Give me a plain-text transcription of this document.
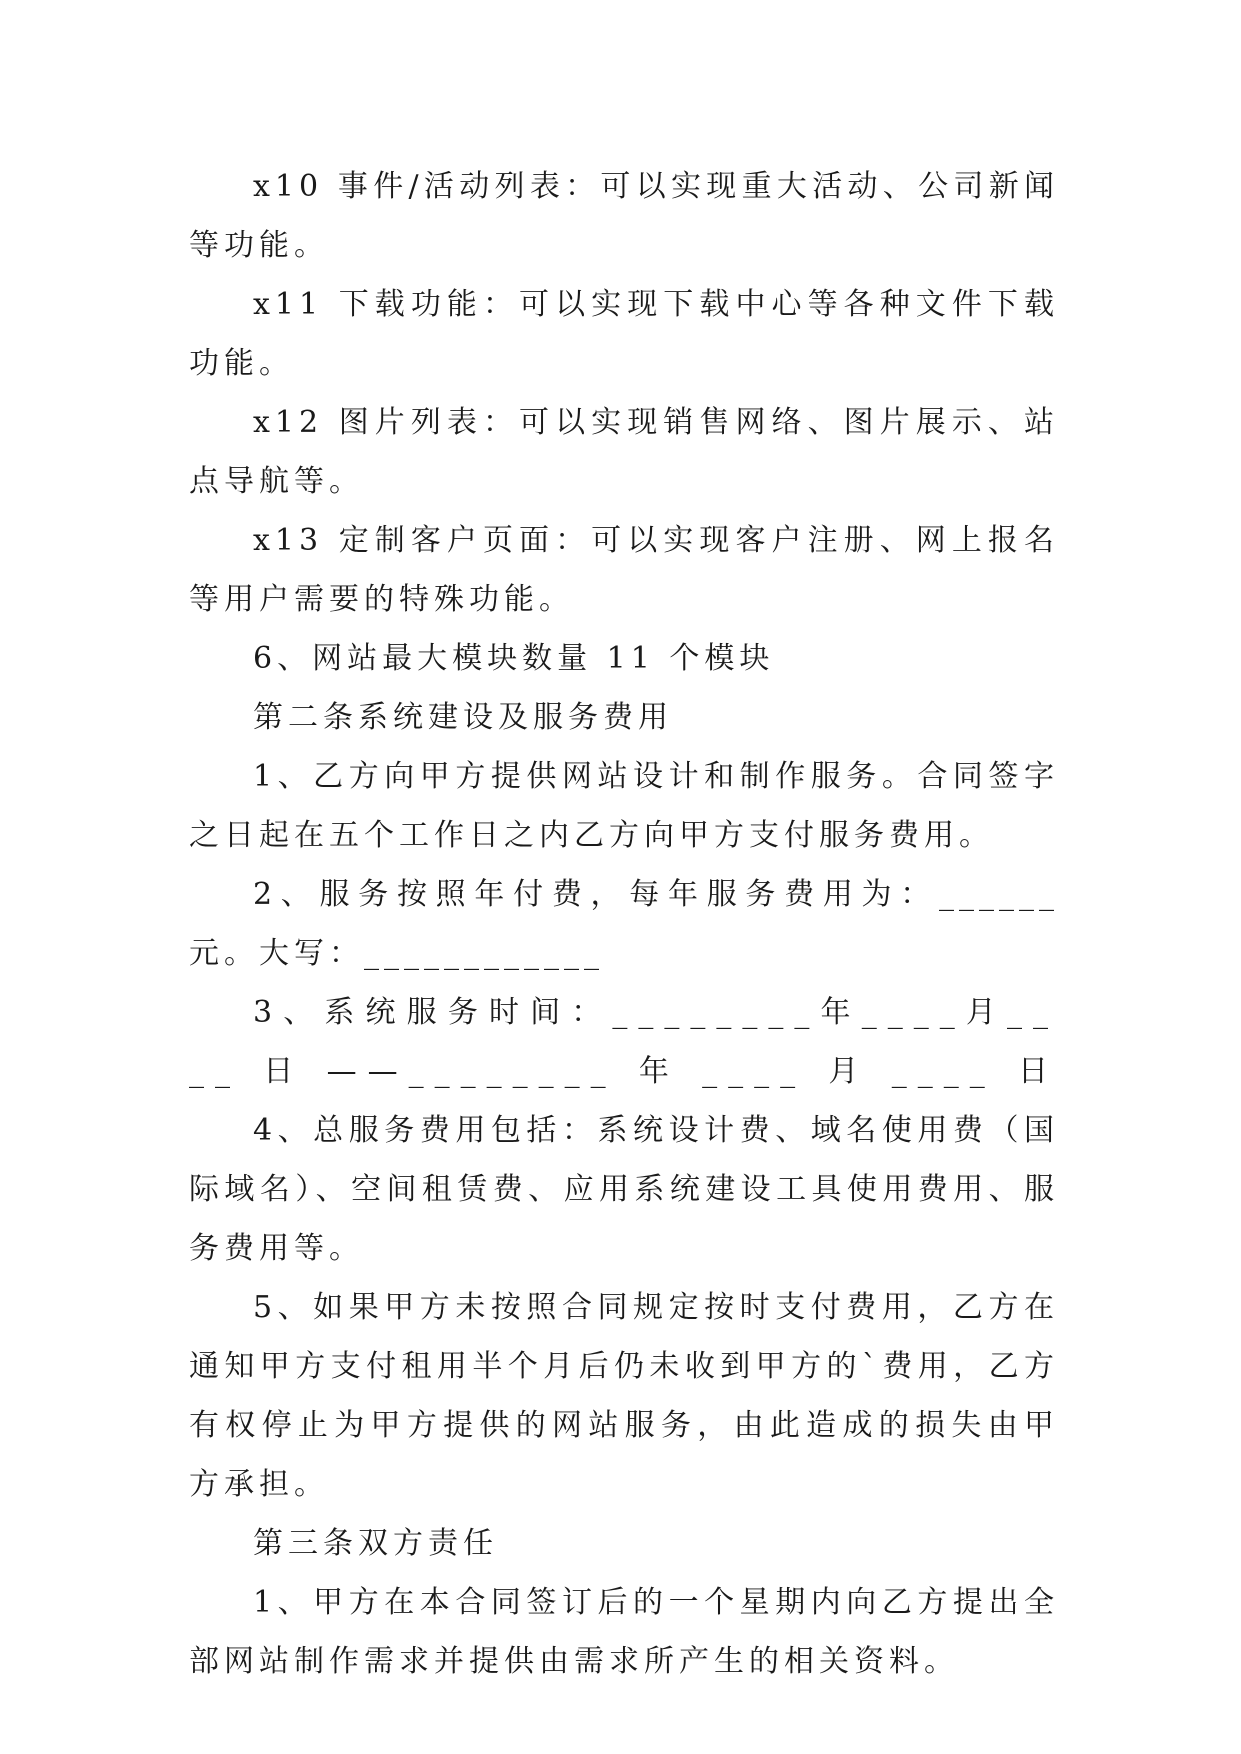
x10 事件/活动列表：可以实现重大活动、公司新闻等功能。

x11 下载功能：可以实现下载中心等各种文件下载功能。

x12 图片列表：可以实现销售网络、图片展示、站点导航等。

x13 定制客户页面：可以实现客户注册、网上报名等用户需要的特殊功能。

6、网站最大模块数量 11 个模块

第二条系统建设及服务费用

1、乙方向甲方提供网站设计和制作服务。合同签字之日起在五个工作日之内乙方向甲方支付服务费用。

2、服务按照年付费，每年服务费用为：______元。大写：____________

3、系统服务时间：________年____月____日——________年____月____日

4、总服务费用包括：系统设计费、域名使用费（国际域名）、空间租赁费、应用系统建设工具使用费用、服务费用等。

5、如果甲方未按照合同规定按时支付费用，乙方在通知甲方支付租用半个月后仍未收到甲方的`费用，乙方有权停止为甲方提供的网站服务，由此造成的损失由甲方承担。

第三条双方责任

1、甲方在本合同签订后的一个星期内向乙方提出全部网站制作需求并提供由需求所产生的相关资料。
